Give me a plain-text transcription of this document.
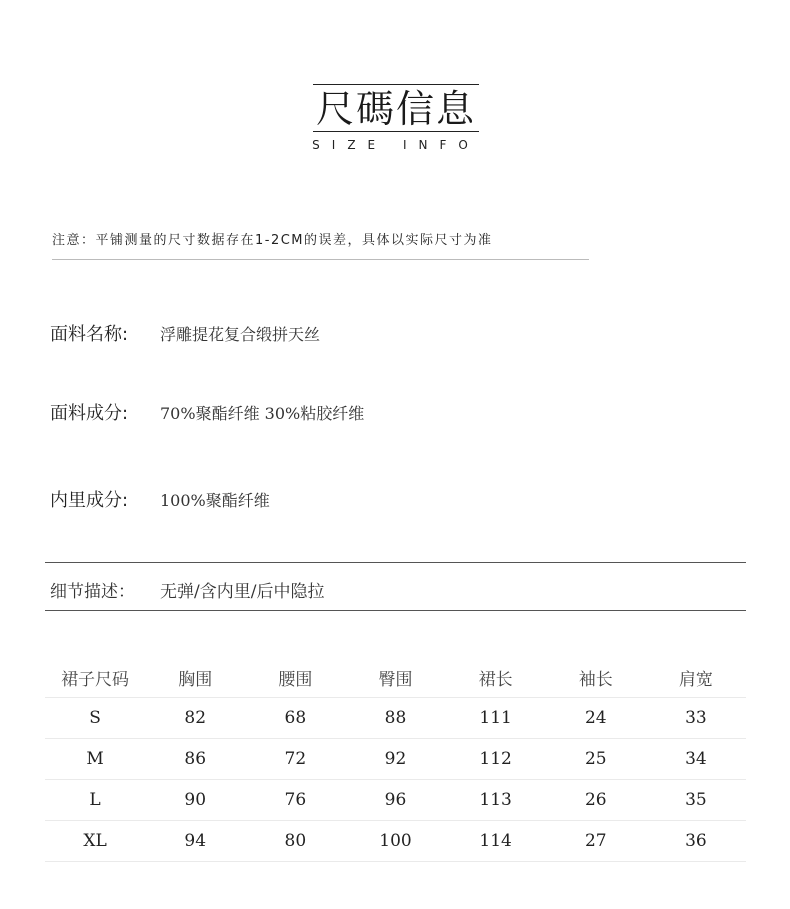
尺碼信息
SIZE INFO
注意：平铺测量的尺寸数据存在1-2CM的误差，具体以实际尺寸为准
面料名称: 浮雕提花复合缎拼天丝
面料成分: 70%聚酯纤维 30%粘胶纤维
内里成分: 100%聚酯纤维
细节描述： 无弹/含内里/后中隐拉
裙子尺码	胸围	腰围	臀围	裙长	袖长	肩宽
S	82	68	88	111	24	33
M	86	72	92	112	25	34
L	90	76	96	113	26	35
XL	94	80	100	114	27	36
